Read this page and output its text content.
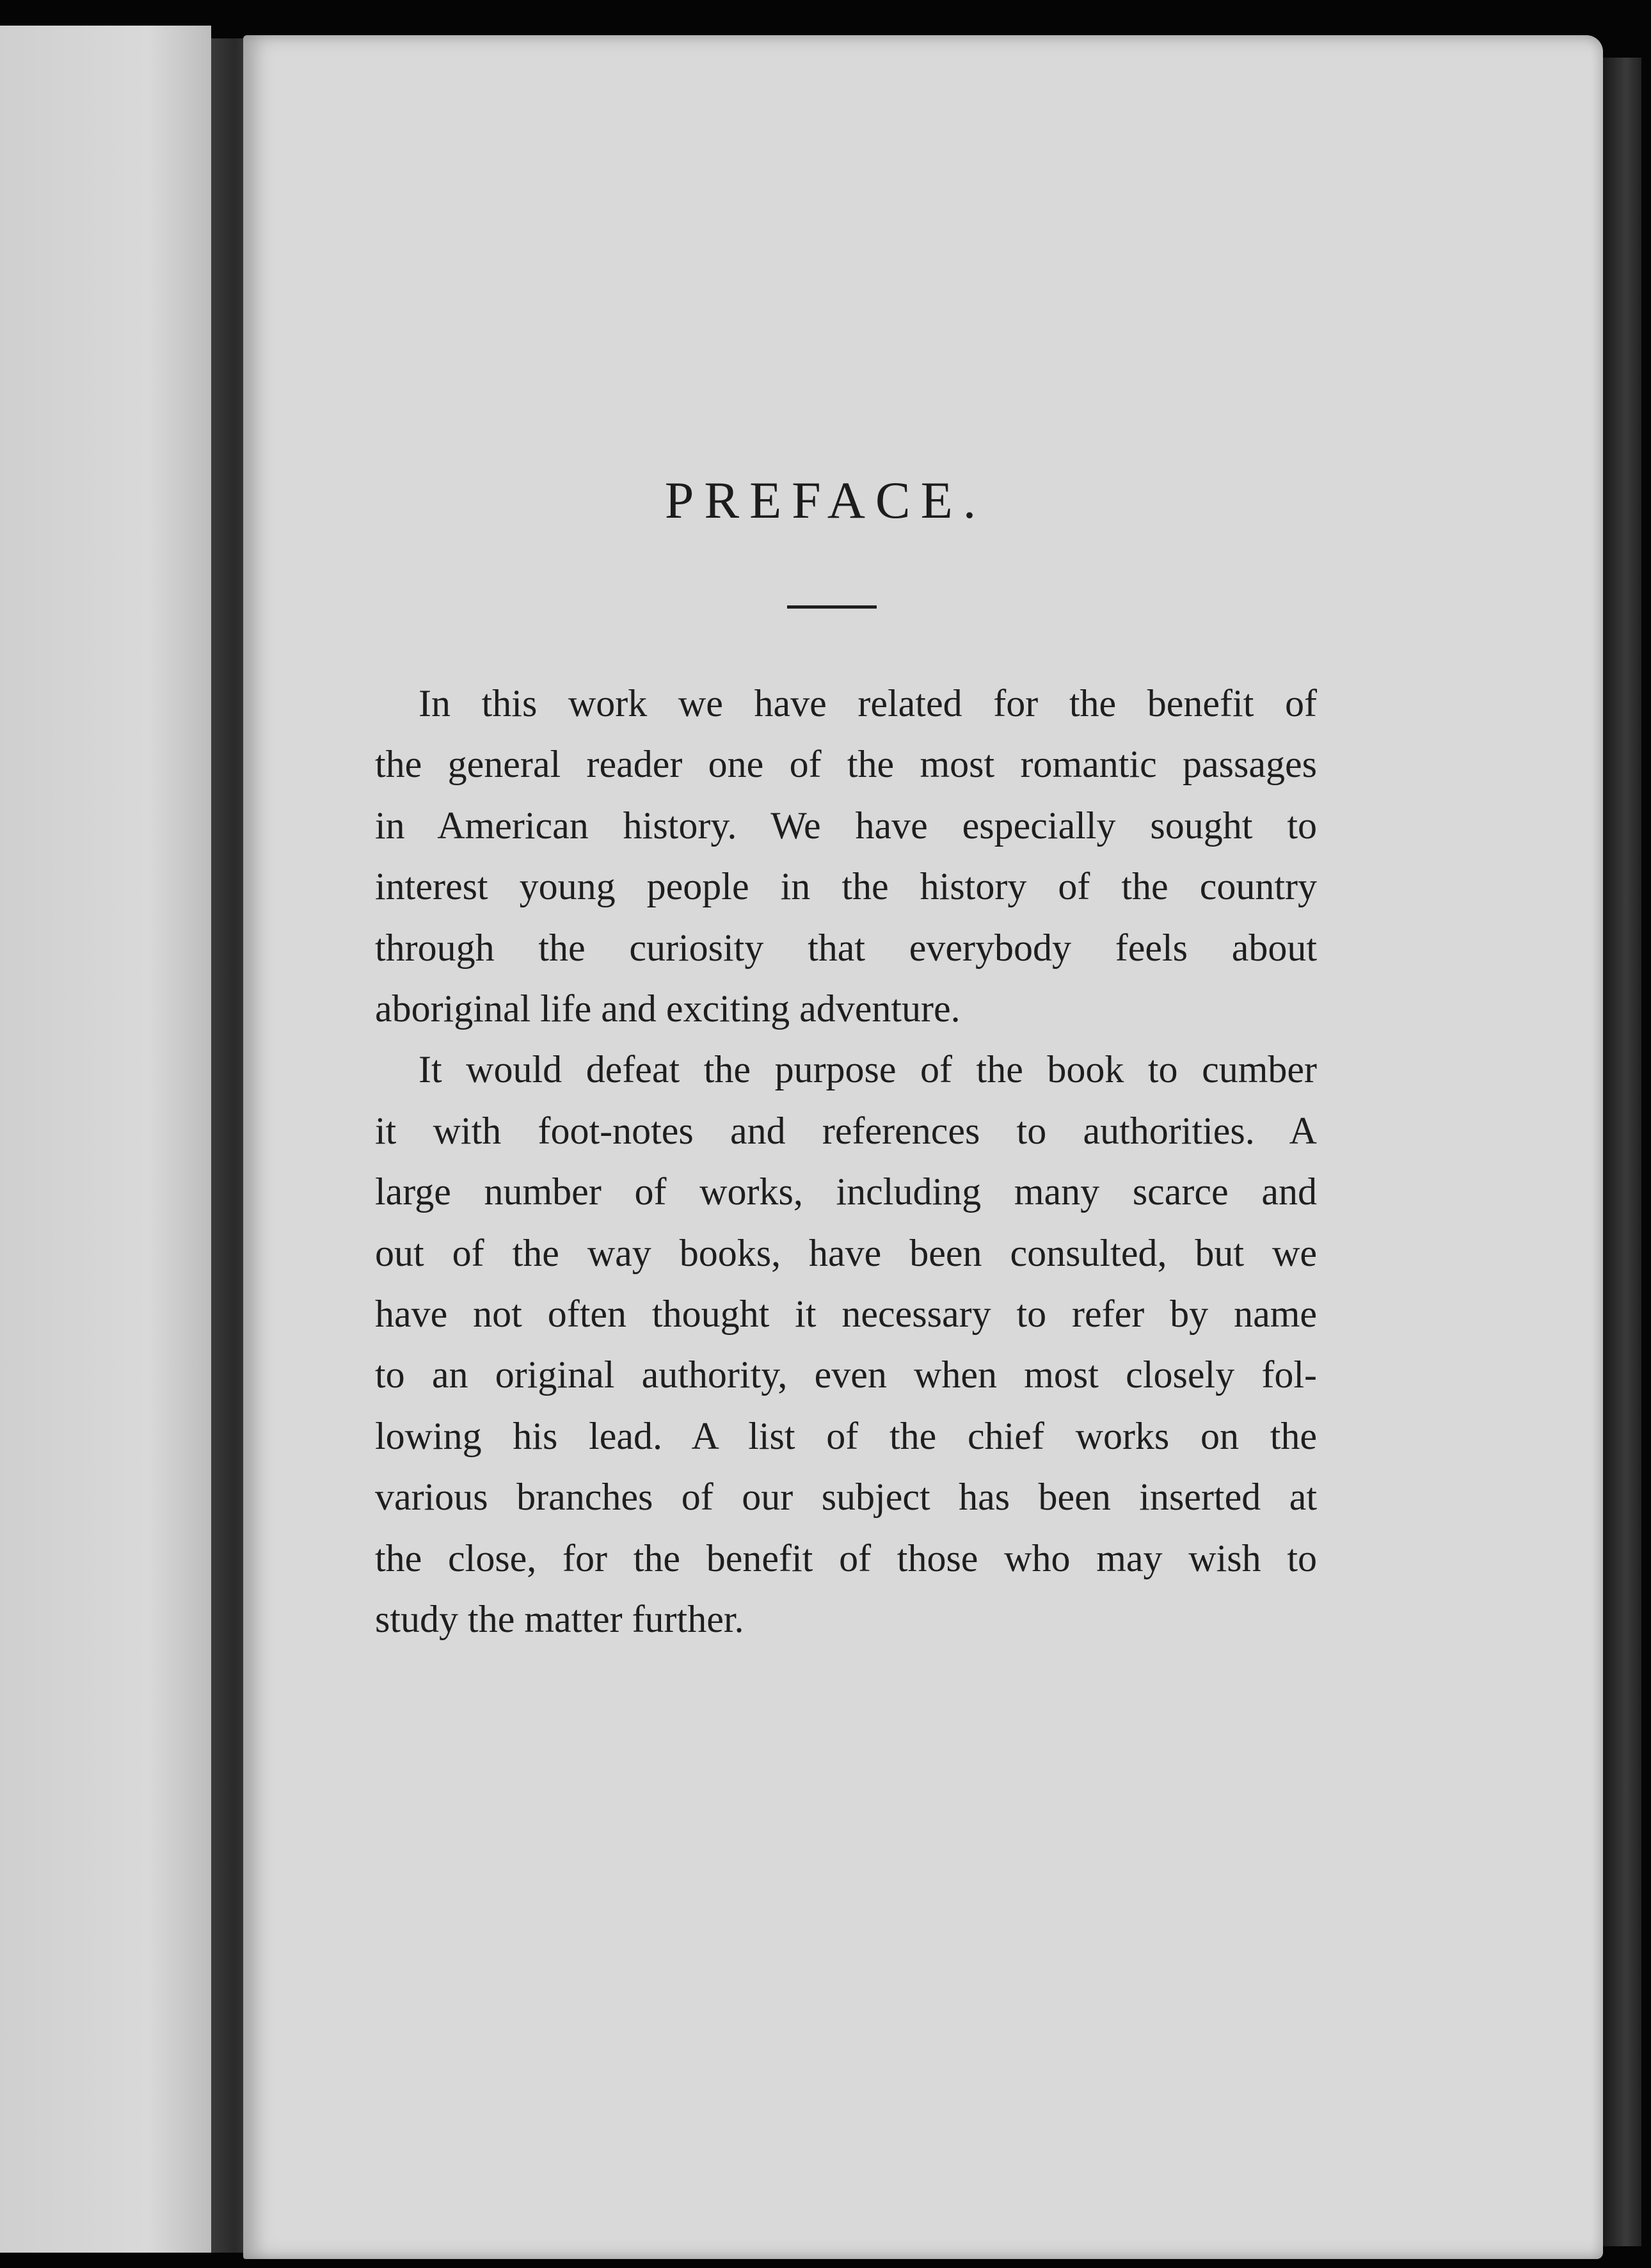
PREFACE.
In this work we have related for the benefit of
the general reader one of the most romantic passages
in American history. We have especially sought to
interest young people in the history of the country
through the curiosity that everybody feels about
aboriginal life and exciting adventure.
It would defeat the purpose of the book to cumber
it with foot-notes and references to authorities. A
large number of works, including many scarce and
out of the way books, have been consulted, but we
have not often thought it necessary to refer by name
to an original authority, even when most closely fol-
lowing his lead. A list of the chief works on the
various branches of our subject has been inserted at
the close, for the benefit of those who may wish to
study the matter further.
